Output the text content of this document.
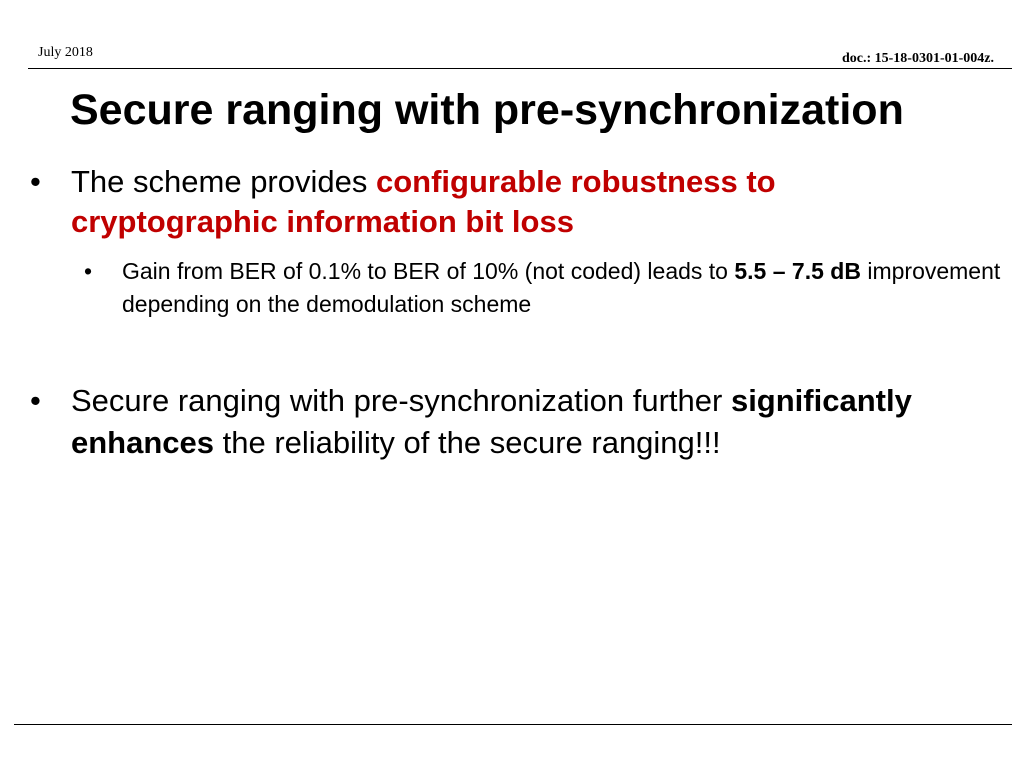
July 2018	doc.: 15-18-0301-01-004z.
Secure ranging with pre-synchronization
• The scheme provides configurable robustness to cryptographic information bit loss
• Gain from BER of 0.1% to BER of 10% (not coded) leads to 5.5 – 7.5 dB improvement depending on the demodulation scheme
• Secure ranging with pre-synchronization further significantly enhances the reliability of the secure ranging!!!
